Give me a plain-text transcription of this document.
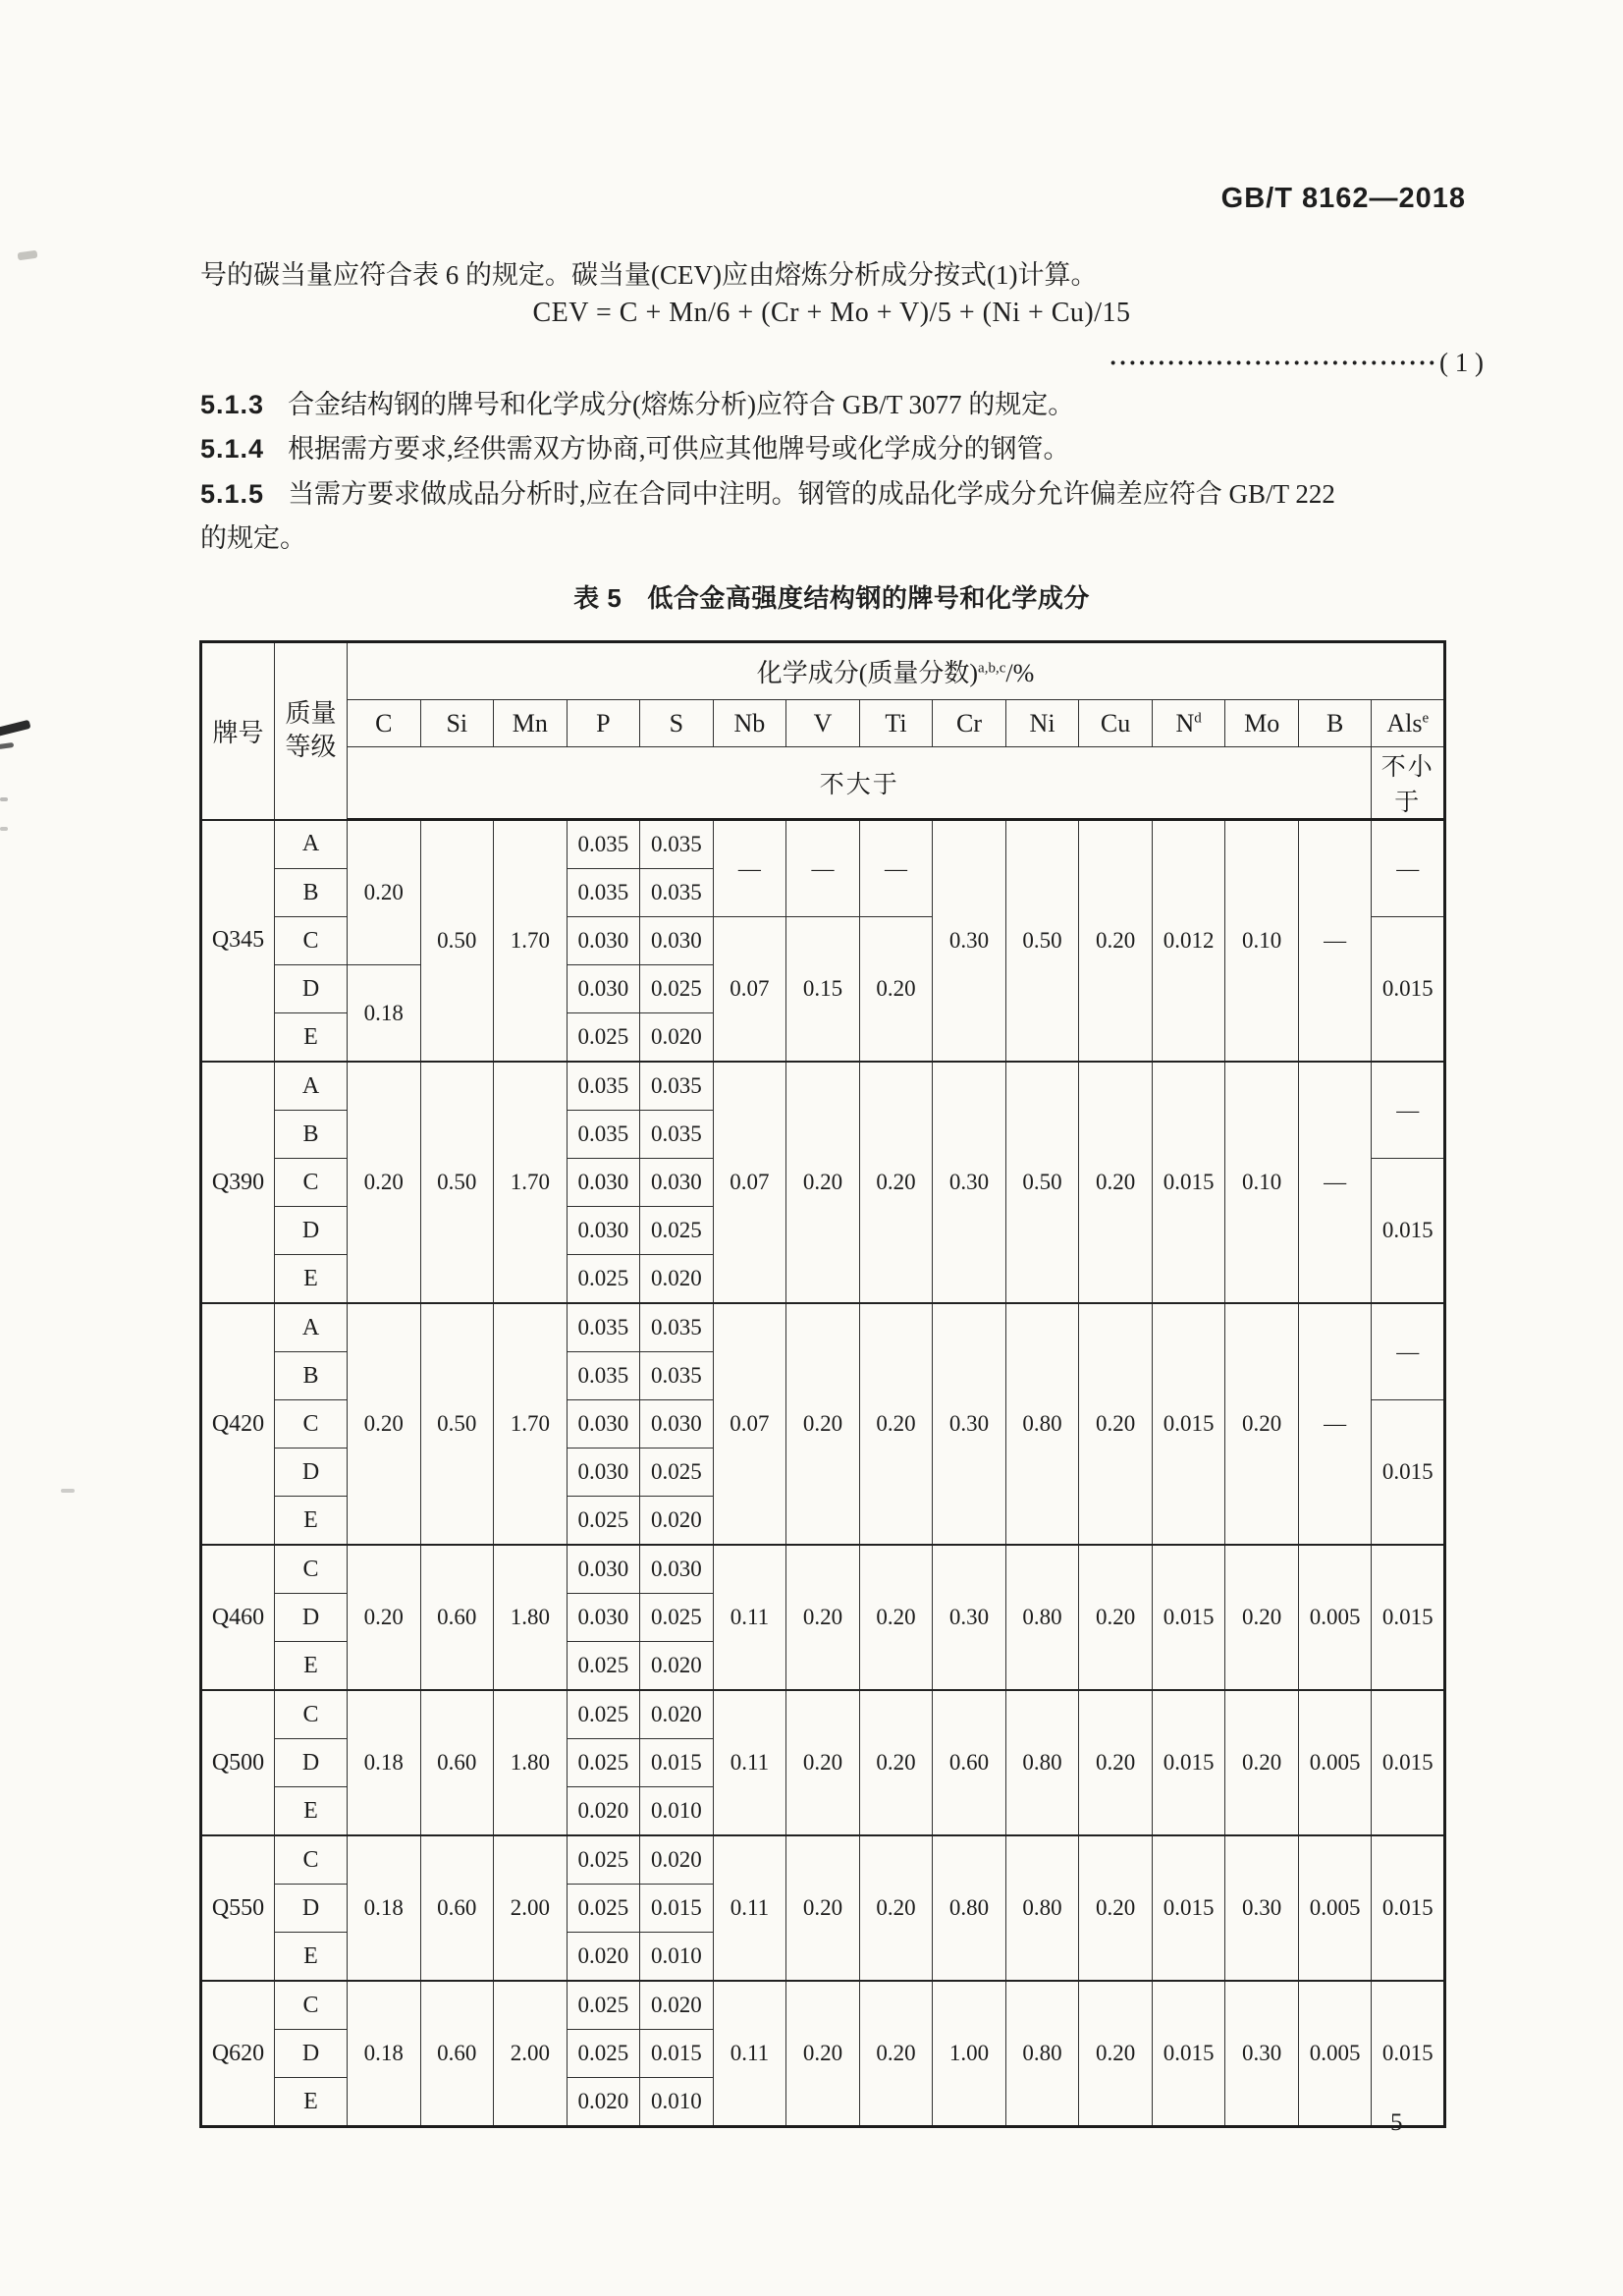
GB/T 8162—2018
号的碳当量应符合表 6 的规定。碳当量(CEV)应由熔炼分析成分按式(1)计算。
CEV = C + Mn/6 + (Cr + Mo + V)/5 + (Ni + Cu)/15
··································( 1 )
5.1.3 合金结构钢的牌号和化学成分(熔炼分析)应符合 GB/T 3077 的规定。
5.1.4 根据需方要求,经供需双方协商,可供应其他牌号或化学成分的钢管。
5.1.5 当需方要求做成品分析时,应在合同中注明。钢管的成品化学成分允许偏差应符合 GB/T 222
的规定。
表 5 低合金高强度结构钢的牌号和化学成分
牌号	质量
等级	化学成分(质量分数)$^{a,b,c}$/%														
		C	Si	Mn	P	S	Nb	V	Ti	Cr	Ni	Cu	$N^d$	Mo	B	Als$^e$
		不大于														不小于
Q345	A	0.20	0.50	1.70	0.035	0.035	—	—	—	0.30	0.50	0.20	0.012	0.10	—	—
	B				0.035	0.035										
	C				0.030	0.030	0.07	0.15	0.20							0.015
	D	0.18			0.030	0.025										
	E				0.025	0.020										
Q390	A	0.20	0.50	1.70	0.035	0.035	0.07	0.20	0.20	0.30	0.50	0.20	0.015	0.10	—	—
	B				0.035	0.035										
	C				0.030	0.030										0.015
	D				0.030	0.025										
	E				0.025	0.020										
Q420	A	0.20	0.50	1.70	0.035	0.035	0.07	0.20	0.20	0.30	0.80	0.20	0.015	0.20	—	—
	B				0.035	0.035										
	C				0.030	0.030										0.015
	D				0.030	0.025										
	E				0.025	0.020										
Q460	C	0.20	0.60	1.80	0.030	0.030	0.11	0.20	0.20	0.30	0.80	0.20	0.015	0.20	0.005	0.015
	D				0.030	0.025										
	E				0.025	0.020										
Q500	C	0.18	0.60	1.80	0.025	0.020	0.11	0.20	0.20	0.60	0.80	0.20	0.015	0.20	0.005	0.015
	D				0.025	0.015										
	E				0.020	0.010										
Q550	C	0.18	0.60	2.00	0.025	0.020	0.11	0.20	0.20	0.80	0.80	0.20	0.015	0.30	0.005	0.015
	D				0.025	0.015										
	E				0.020	0.010										
Q620	C	0.18	0.60	2.00	0.025	0.020	0.11	0.20	0.20	1.00	0.80	0.20	0.015	0.30	0.005	0.015
	D				0.025	0.015										
	E				0.020	0.010										
5
